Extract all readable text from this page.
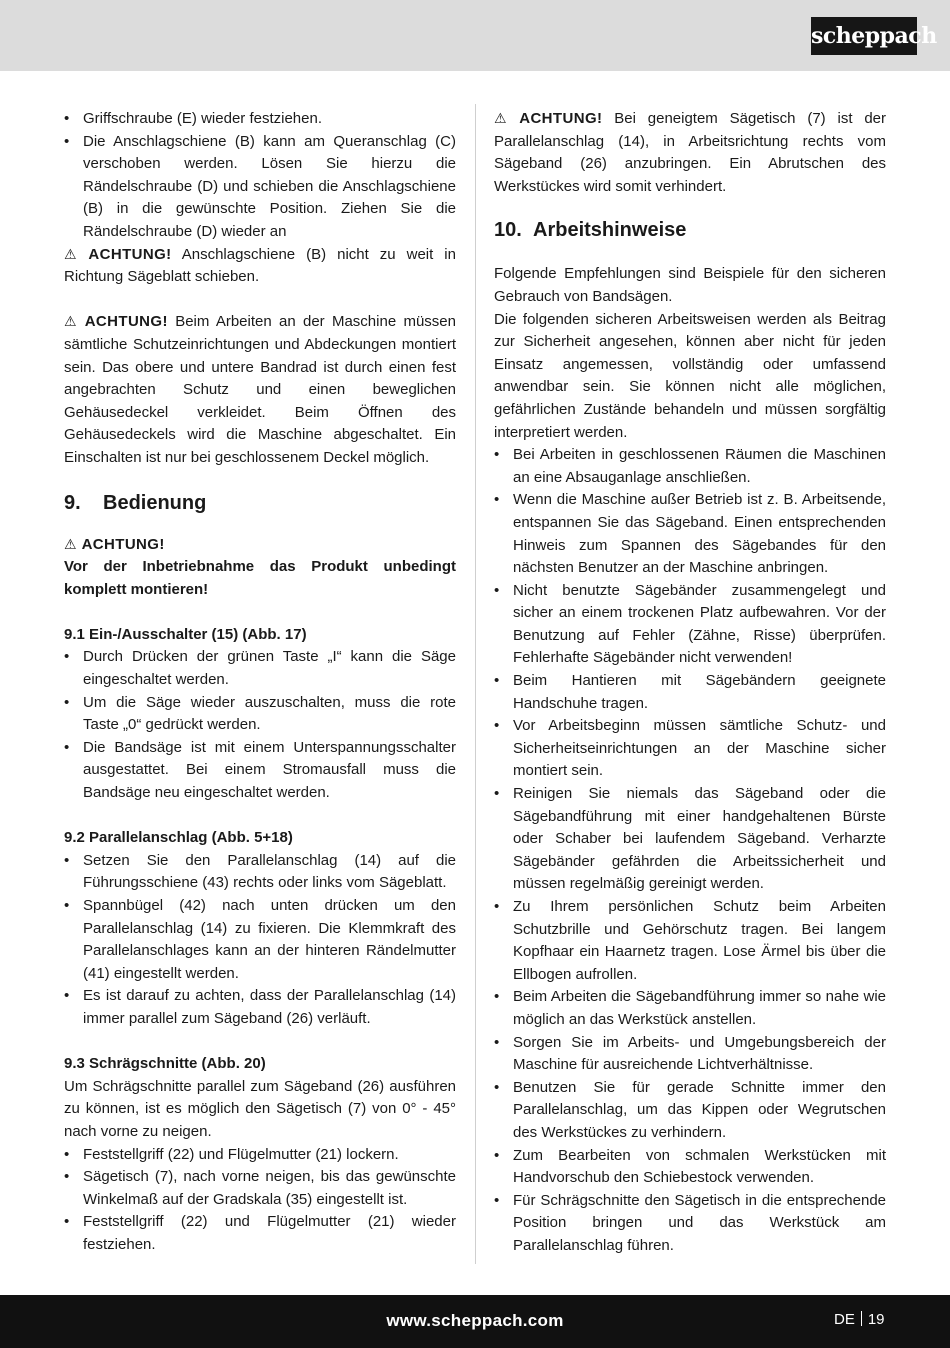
scheppach
• Griffschraube (E) wieder festziehen.
• Die Anschlagschiene (B) kann am Queranschlag (C) verschoben werden. Lösen Sie hierzu die Rändelschraube (D) und schieben die Anschlagschiene (B) in die gewünschte Position. Ziehen Sie die Rändelschraube (D) wieder an

⚠ ACHTUNG! Anschlagschiene (B) nicht zu weit in Richtung Sägeblatt schieben.

⚠ ACHTUNG! Beim Arbeiten an der Maschine müssen sämtliche Schutzeinrichtungen und Abdeckungen montiert sein. Das obere und untere Bandrad ist durch einen fest angebrachten Schutz und einen beweglichen Gehäusedeckel verkleidet. Beim Öffnen des Gehäusedeckels wird die Maschine abgeschaltet. Ein Einschalten ist nur bei geschlossenem Deckel möglich.

9. Bedienung

⚠ ACHTUNG!

Vor der Inbetriebnahme das Produkt unbedingt komplett montieren!

9.1 Ein-/Ausschalter (15) (Abb. 17)
• Durch Drücken der grünen Taste „I“ kann die Säge eingeschaltet werden.
• Um die Säge wieder auszuschalten, muss die rote Taste „0“ gedrückt werden.
• Die Bandsäge ist mit einem Unterspannungsschalter ausgestattet. Bei einem Stromausfall muss die Bandsäge neu eingeschaltet werden.
9.2 Parallelanschlag (Abb. 5+18)
• Setzen Sie den Parallelanschlag (14) auf die Führungsschiene (43) rechts oder links vom Sägeblatt.
• Spannbügel (42) nach unten drücken um den Parallelanschlag (14) zu fixieren. Die Klemmkraft des Parallelanschlages kann an der hinteren Rändelmutter (41) eingestellt werden.
• Es ist darauf zu achten, dass der Parallelanschlag (14) immer parallel zum Sägeband (26) verläuft.
9.3 Schrägschnitte (Abb. 20)

Um Schrägschnitte parallel zum Sägeband (26) ausführen zu können, ist es möglich den Sägetisch (7) von 0° - 45° nach vorne zu neigen.

• Feststellgriff (22) und Flügelmutter (21) lockern.
• Sägetisch (7), nach vorne neigen, bis das gewünschte Winkelmaß auf der Gradskala (35) eingestellt ist.
• Feststellgriff (22) und Flügelmutter (21) wieder festziehen.

⚠ ACHTUNG! Bei geneigtem Sägetisch (7) ist der Parallelanschlag (14), in Arbeitsrichtung rechts vom Sägeband (26) anzubringen. Ein Abrutschen des Werkstückes wird somit verhindert.

10. Arbeitshinweise

Folgende Empfehlungen sind Beispiele für den sicheren Gebrauch von Bandsägen.

Die folgenden sicheren Arbeitsweisen werden als Beitrag zur Sicherheit angesehen, können aber nicht für jeden Einsatz angemessen, vollständig oder umfassend anwendbar sein. Sie können nicht alle möglichen, gefährlichen Zustände behandeln und müssen sorgfältig interpretiert werden.

• Bei Arbeiten in geschlossenen Räumen die Maschinen an eine Absauganlage anschließen.
• Wenn die Maschine außer Betrieb ist z. B. Arbeitsende, entspannen Sie das Sägeband. Einen entsprechenden Hinweis zum Spannen des Sägebandes für den nächsten Benutzer an der Maschine anbringen.
• Nicht benutzte Sägebänder zusammengelegt und sicher an einem trockenen Platz aufbewahren. Vor der Benutzung auf Fehler (Zähne, Risse) überprüfen. Fehlerhafte Sägebänder nicht verwenden!
• Beim Hantieren mit Sägebändern geeignete Handschuhe tragen.
• Vor Arbeitsbeginn müssen sämtliche Schutz- und Sicherheitseinrichtungen an der Maschine sicher montiert sein.
• Reinigen Sie niemals das Sägeband oder die Sägebandführung mit einer handgehaltenen Bürste oder Schaber bei laufendem Sägeband. Verharzte Sägebänder gefährden die Arbeitssicherheit und müssen regelmäßig gereinigt werden.
• Zu Ihrem persönlichen Schutz beim Arbeiten Schutzbrille und Gehörschutz tragen. Bei langem Kopfhaar ein Haarnetz tragen. Lose Ärmel bis über die Ellbogen aufrollen.
• Beim Arbeiten die Sägebandführung immer so nahe wie möglich an das Werkstück anstellen.
• Sorgen Sie im Arbeits- und Umgebungsbereich der Maschine für ausreichende Lichtverhältnisse.
• Benutzen Sie für gerade Schnitte immer den Parallelanschlag, um das Kippen oder Wegrutschen des Werkstückes zu verhindern.
• Zum Bearbeiten von schmalen Werkstücken mit Handvorschub den Schiebestock verwenden.
• Für Schrägschnitte den Sägetisch in die entsprechende Position bringen und das Werkstück am Parallelanschlag führen.
www.scheppach.com	DE 19
